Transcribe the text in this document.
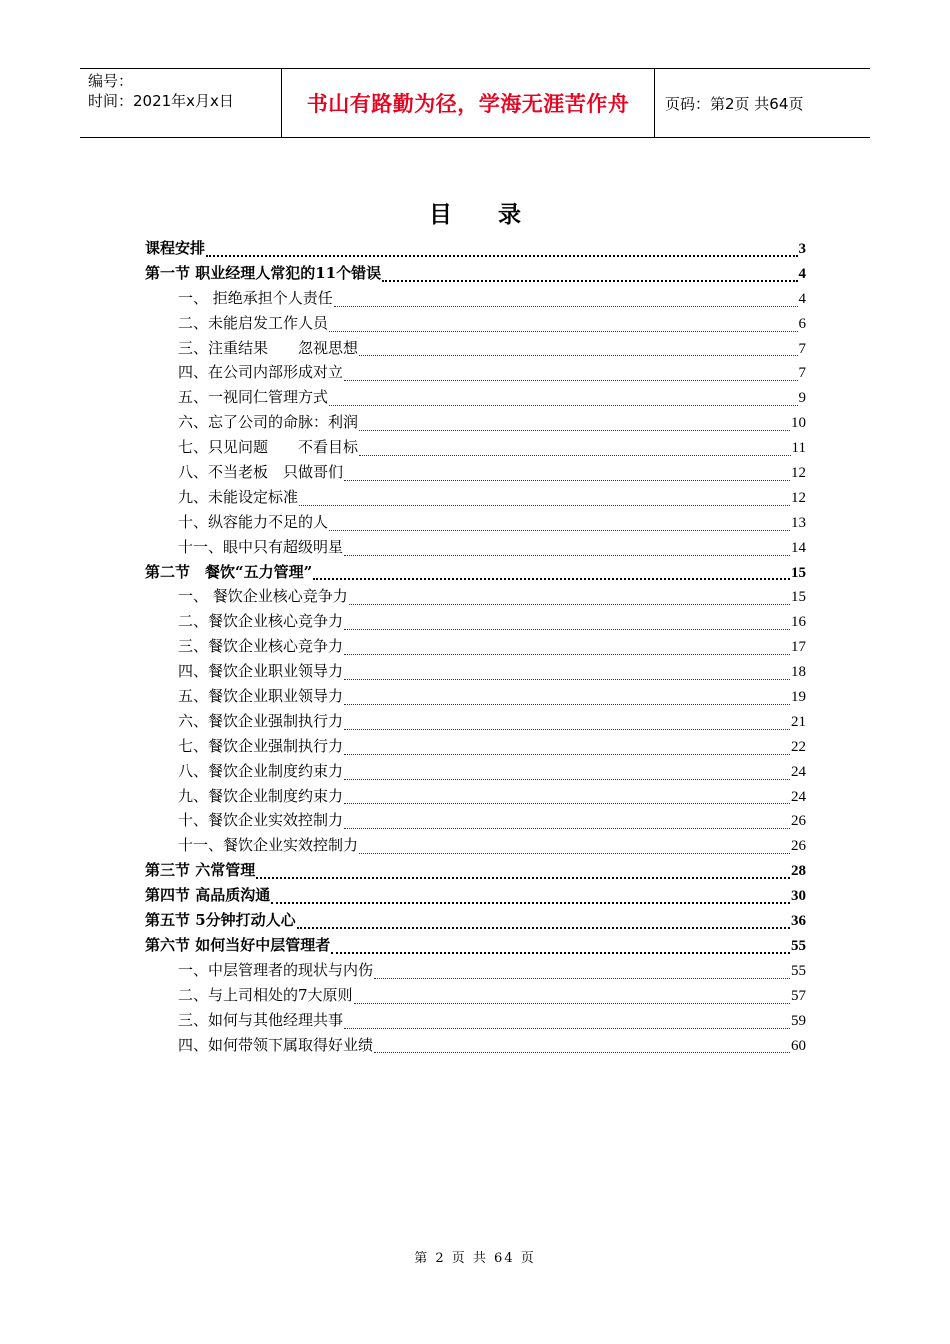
编号：
时间：2021年x月x日	书山有路勤为径，学海无涯苦作舟	页码：第2页 共64页
目　　录
课程安排	3
第一节 职业经理人常犯的11个错误	4
一、 拒绝承担个人责任	4
二、未能启发工作人员	6
三、注重结果　　忽视思想	7
四、在公司内部形成对立	7
五、一视同仁管理方式	9
六、忘了公司的命脉：利润	10
七、只见问题　　不看目标	11
八、不当老板　只做哥们	12
九、未能设定标准	12
十、纵容能力不足的人	13
十一、眼中只有超级明星	14
第二节　餐饮“五力管理”	15
一、 餐饮企业核心竞争力	15
二、餐饮企业核心竞争力	16
三、餐饮企业核心竞争力	17
四、餐饮企业职业领导力	18
五、餐饮企业职业领导力	19
六、餐饮企业强制执行力	21
七、餐饮企业强制执行力	22
八、餐饮企业制度约束力	24
九、餐饮企业制度约束力	24
十、餐饮企业实效控制力	26
十一、餐饮企业实效控制力	26
第三节 六常管理	28
第四节 高品质沟通	30
第五节 5分钟打动人心	36
第六节 如何当好中层管理者	55
一、中层管理者的现状与内伤	55
二、与上司相处的7大原则	57
三、如何与其他经理共事	59
四、如何带领下属取得好业绩	60
第 2 页 共 64 页
